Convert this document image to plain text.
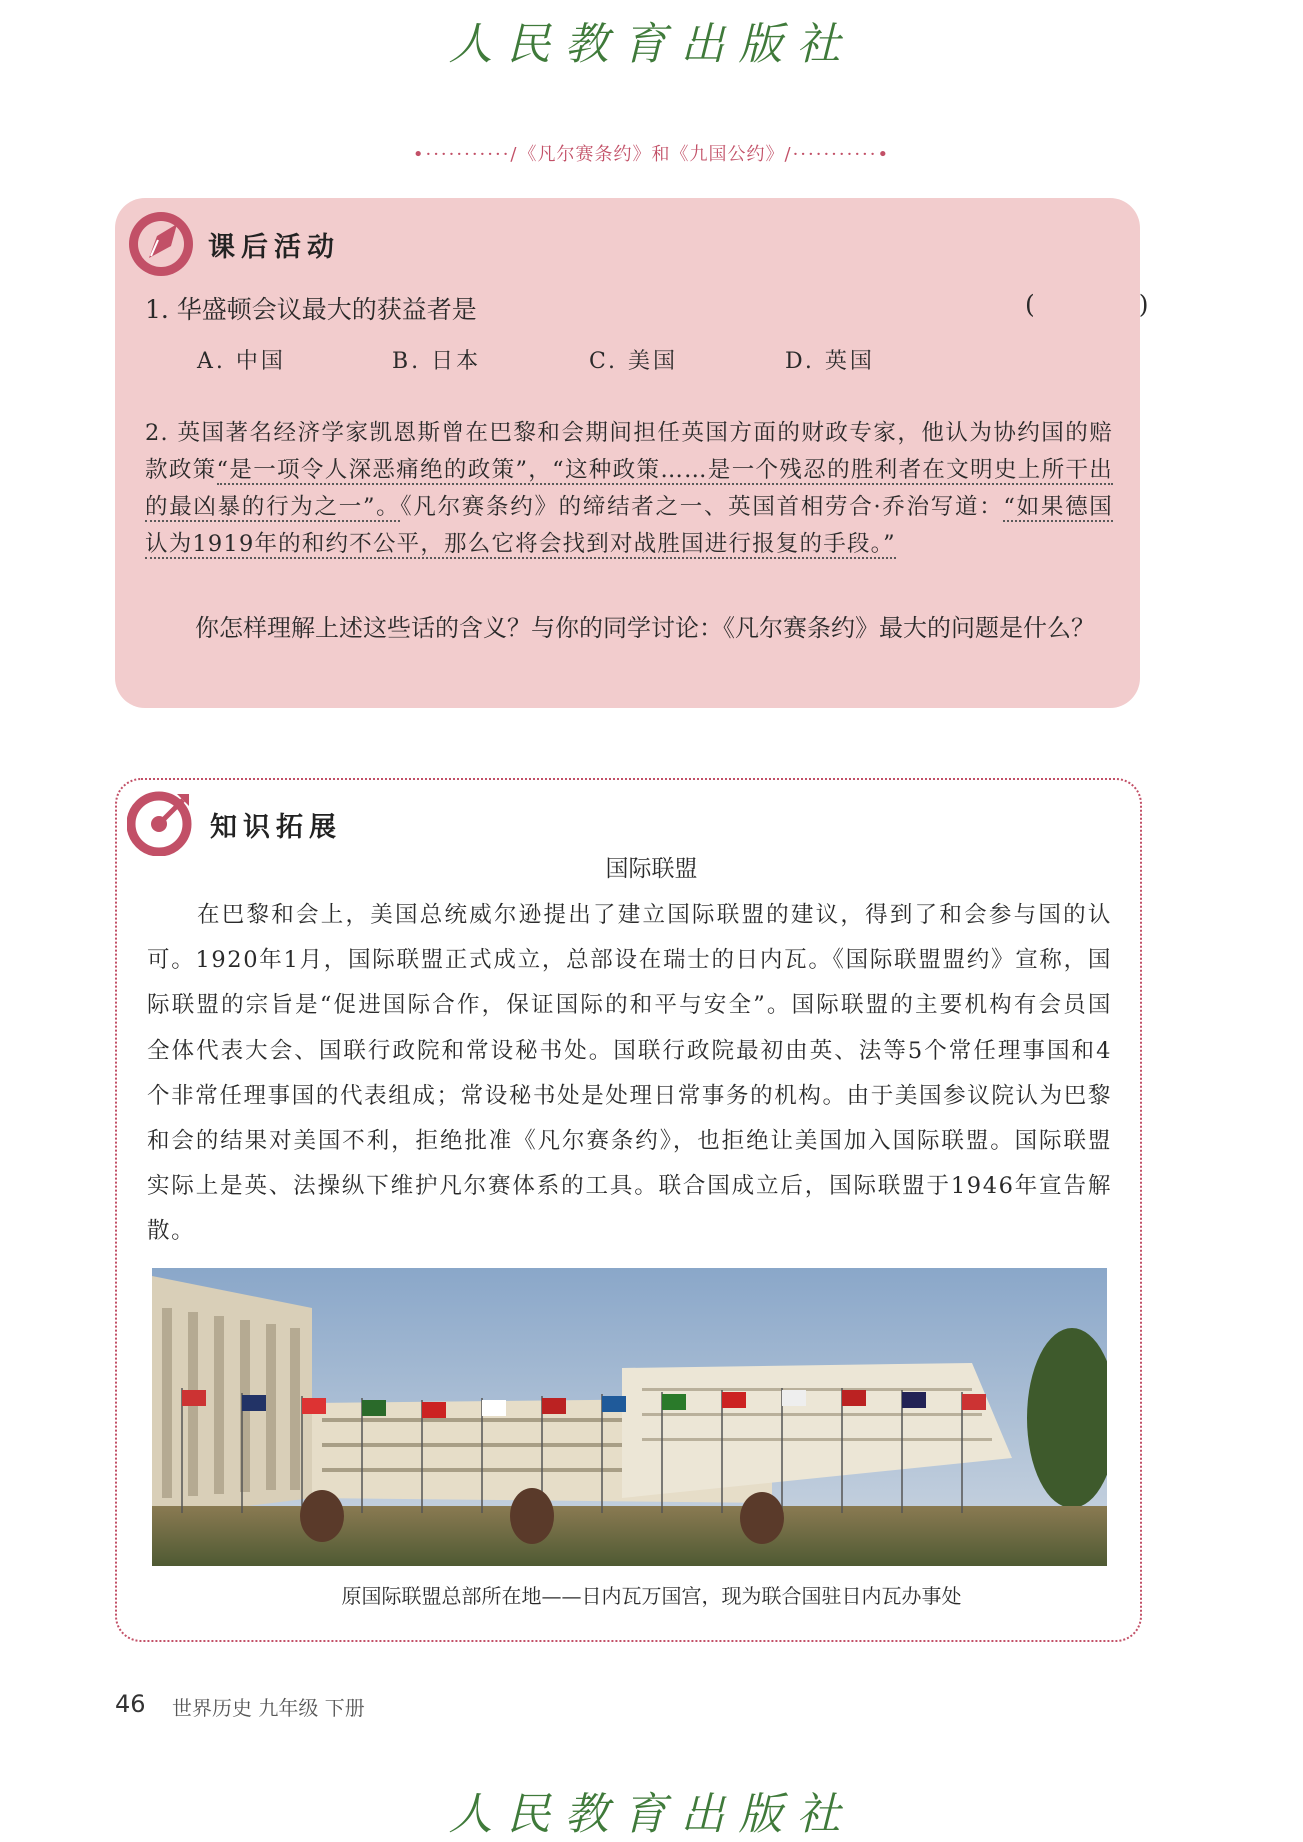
人民教育出版社
•···········/《凡尔赛条约》和《九国公约》/···········•
课后活动
1. 华盛顿会议最大的获益者是	( )
A. 中国	B. 日本	C. 美国	D. 英国
2. 英国著名经济学家凯恩斯曾在巴黎和会期间担任英国方面的财政专家，他认为协约国的赔款政策“是一项令人深恶痛绝的政策”，“这种政策……是一个残忍的胜利者在文明史上所干出的最凶暴的行为之一”。《凡尔赛条约》的缔结者之一、英国首相劳合·乔治写道：“如果德国认为1919年的和约不公平，那么它将会找到对战胜国进行报复的手段。”
你怎样理解上述这些话的含义？与你的同学讨论：《凡尔赛条约》最大的问题是什么？
知识拓展
国际联盟
在巴黎和会上，美国总统威尔逊提出了建立国际联盟的建议，得到了和会参与国的认可。1920年1月，国际联盟正式成立，总部设在瑞士的日内瓦。《国际联盟盟约》宣称，国际联盟的宗旨是“促进国际合作，保证国际的和平与安全”。国际联盟的主要机构有会员国全体代表大会、国联行政院和常设秘书处。国联行政院最初由英、法等5个常任理事国和4个非常任理事国的代表组成；常设秘书处是处理日常事务的机构。由于美国参议院认为巴黎和会的结果对美国不利，拒绝批准《凡尔赛条约》，也拒绝让美国加入国际联盟。国际联盟实际上是英、法操纵下维护凡尔赛体系的工具。联合国成立后，国际联盟于1946年宣告解散。
原国际联盟总部所在地——日内瓦万国宫，现为联合国驻日内瓦办事处
46 世界历史 九年级 下册
人民教育出版社
